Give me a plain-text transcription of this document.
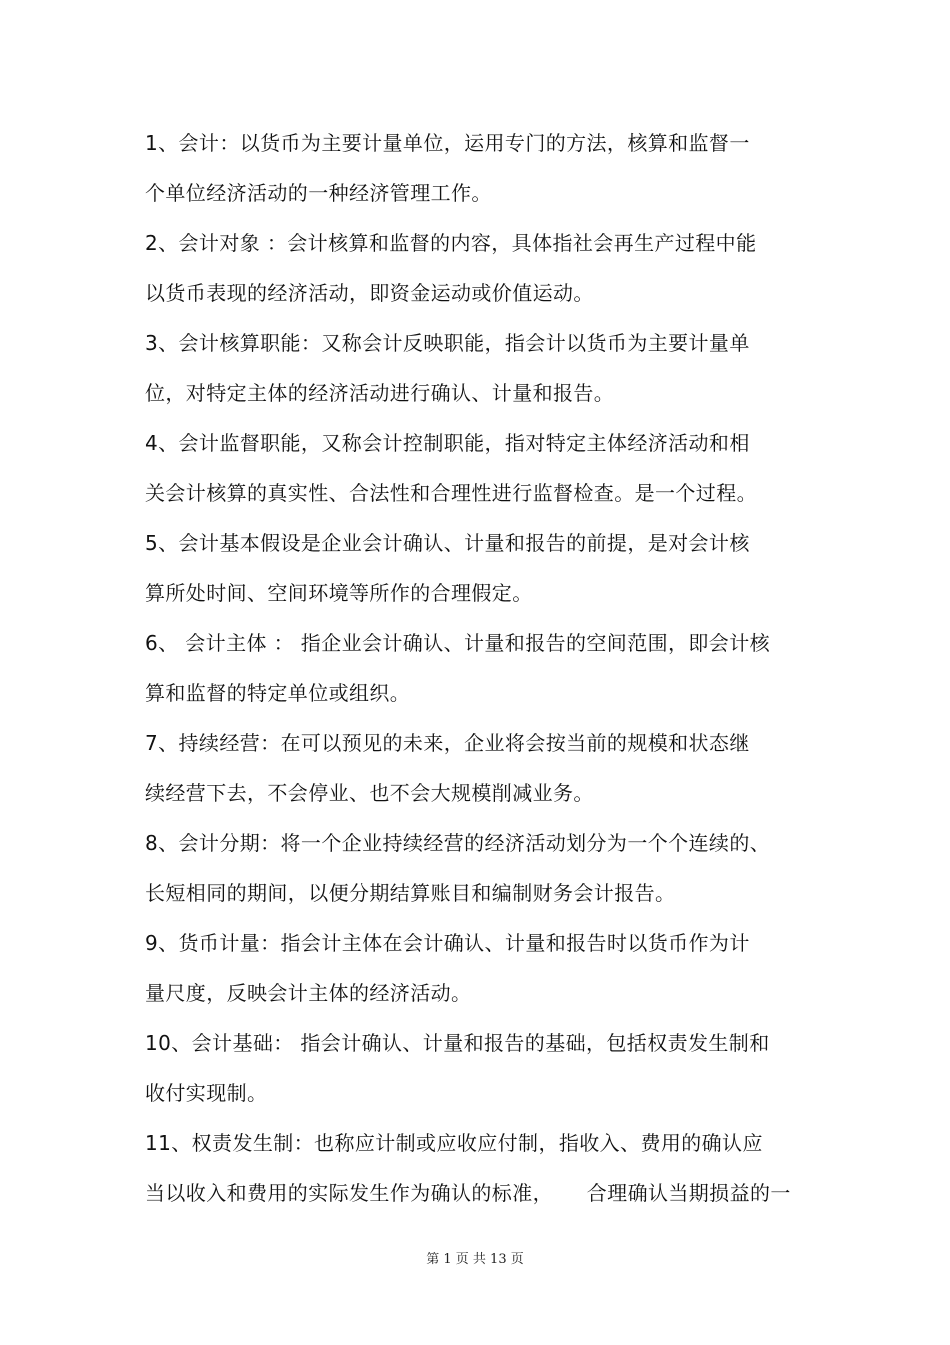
1、会计：以货币为主要计量单位，运用专门的方法，核算和监督一
个单位经济活动的一种经济管理工作。
2、会计对象 ：会计核算和监督的内容，具体指社会再生产过程中能
以货币表现的经济活动，即资金运动或价值运动。
3、会计核算职能：又称会计反映职能，指会计以货币为主要计量单
位，对特定主体的经济活动进行确认、计量和报告。
4、会计监督职能，又称会计控制职能，指对特定主体经济活动和相
关会计核算的真实性、合法性和合理性进行监督检查。是一个过程。
5、会计基本假设是企业会计确认、计量和报告的前提，是对会计核
算所处时间、空间环境等所作的合理假定。
6、 会计主体 ： 指企业会计确认、计量和报告的空间范围，即会计核
算和监督的特定单位或组织。
7、持续经营：在可以预见的未来，企业将会按当前的规模和状态继
续经营下去，不会停业、也不会大规模削减业务。
8、会计分期：将一个企业持续经营的经济活动划分为一个个连续的、
长短相同的期间，以便分期结算账目和编制财务会计报告。
9、货币计量：指会计主体在会计确认、计量和报告时以货币作为计
量尺度，反映会计主体的经济活动。
10、会计基础： 指会计确认、计量和报告的基础，包括权责发生制和
收付实现制。
11、权责发生制：也称应计制或应收应付制，指收入、费用的确认应
当以收入和费用的实际发生作为确认的标准，     合理确认当期损益的一
第 1 页 共 13 页
